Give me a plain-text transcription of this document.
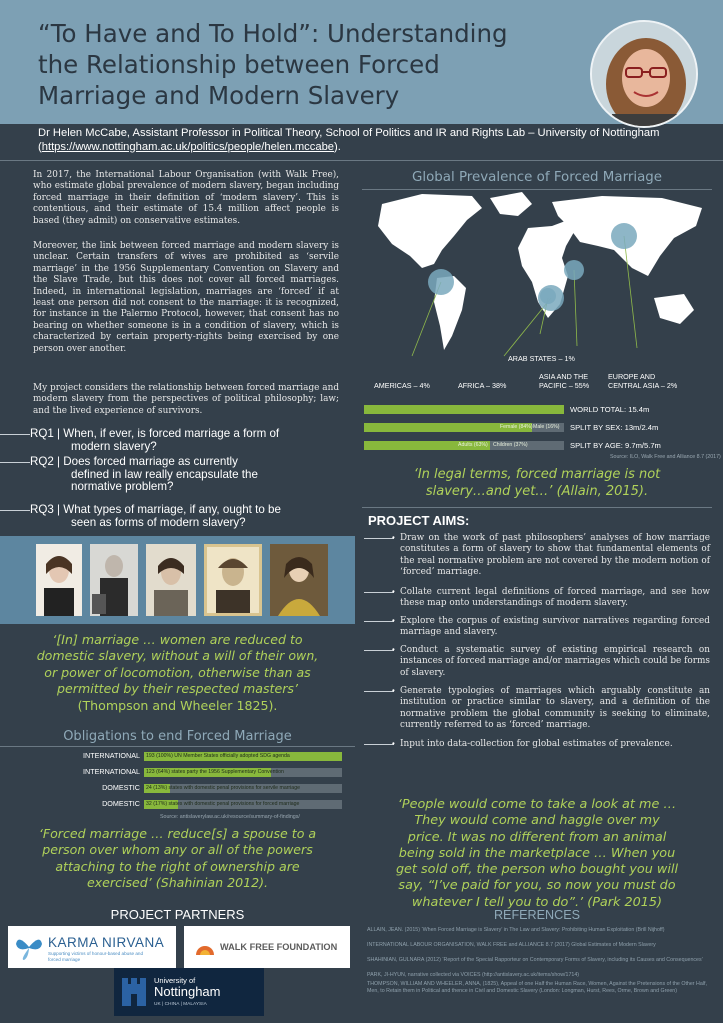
“To Have and To Hold”: Understanding
the Relationship between Forced
Marriage and Modern Slavery
Dr Helen McCabe, Assistant Professor in Political Theory, School of Politics and IR and Rights Lab – University of Nottingham (https://www.nottingham.ac.uk/politics/people/helen.mccabe).
In 2017, the International Labour Organisation (with Walk Free), who estimate global prevalence of modern slavery, began including forced marriage in their definition of ‘modern slavery’. This is contentious, and their estimate of 15.4 million affect people is based (they admit) on conservative estimates.
Moreover, the link between forced marriage and modern slavery is unclear. Certain transfers of wives are prohibited as ‘servile marriage’ in the 1956 Supplementary Convention on Slavery and the Slave Trade, but this does not cover all forced marriages. Indeed, in international legislation, marriages are ‘forced’ if at least one person did not consent to the marriage: it is recognized, for instance in the Palermo Protocol, however, that consent has no bearing on whether someone is in a condition of slavery, which is characterized by certain property-rights being exercised by one person over another.
My project considers the relationship between forced marriage and modern slavery from the perspectives of political philosophy; law; and the lived experience of survivors.
RQ1 | When, if ever, is forced marriage a form of
modern slavery?
RQ2 | Does forced marriage as currently
defined in law really encapsulate the
normative problem?
RQ3 | What types of marriage, if any, ought to be
seen as forms of modern slavery?
‘[In] marriage … women are reduced to
domestic slavery, without a will of their own,
or power of locomotion, otherwise than as
permitted by their respected masters’
(Thompson and Wheeler 1825).
Obligations to end Forced Marriage
INTERNATIONAL 193 (100%) UN Member States officially adopted SDG agenda
INTERNATIONAL 123 (64%) states party the 1956 Supplementary Convention
DOMESTIC 24 (13%) states with domestic penal provisions for servile marriage
DOMESTIC 32 (17%) states with domestic penal provisions for forced marriage
Source: antislaverylaw.ac.uk/resource/summary-of-findings/
‘Forced marriage … reduce[s] a spouse to a
person over whom any or all of the powers
attaching to the right of ownership are
exercised’ (Shahinian 2012).
PROJECT PARTNERS
KARMA NIRVANA
Supporting victims of honour-based abuse and forced marriage
WALK FREE FOUNDATION
University of
Nottingham
UK | CHINA | MALAYSIA
Global Prevalence of Forced Marriage
ARAB STATES – 1%
AMERICAS – 4%	AFRICA – 38%
ASIA AND THE
PACIFIC – 55%
EUROPE AND
CENTRAL ASIA – 2%
WORLD TOTAL: 15.4m
Female (84%) Male (16%) SPLIT BY SEX: 13m/2.4m
Adults (63%) Children (37%)	SPLIT BY AGE: 9.7m/5.7m
Source: ILO, Walk Free and Alliance 8.7 (2017)
‘In legal terms, forced marriage is not
slavery…and yet…’ (Allain, 2015).
PROJECT AIMS:
• Draw on the work of past philosophers’ analyses of how marriage constitutes a form of slavery to show that fundamental elements of the real normative problem are not covered by the modern notion of ‘forced’ marriage.
• Collate current legal definitions of forced marriage, and see how these map onto understandings of modern slavery.
• Explore the corpus of existing survivor narratives regarding forced marriage and slavery.
• Conduct a systematic survey of existing empirical research on instances of forced marriage and/or marriages which could be forms of slavery.
• Generate typologies of marriages which arguably constitute an institution or practice similar to slavery, and a definition of the normative problem the global community is seeking to eliminate, currently referred to as ‘forced’ marriage.
• Input into data-collection for global estimates of prevalence.
‘People would come to take a look at me …
They would come and haggle over my
price. It was no different from an animal
being sold in the marketplace … When you
get sold off, the person who bought you will
say, “I’ve paid for you, so now you must do
whatever I tell you to do”.’ (Park 2015)
REFERENCES
ALLAIN, JEAN. (2015) ‘When Forced Marriage is Slavery’ in The Law and Slavery: Prohibiting Human Exploitation (Brill Nijhoff)
INTERNATIONAL LABOUR ORGANISATION, WALK FREE and ALLIANCE 8.7 (2017) Global Estimates of Modern Slavery
SHAHINIAN, GULNARA (2012) ‘Report of the Special Rapporteur on Contemporary Forms of Slavery, including its Causes and Consequences’
PARK, JI-HYUN, narrative collected via VOICES (http://antislavery.ac.uk/items/show/1714)
THOMPSON, WILLIAM AND WHEELER, ANNA, (1825), Appeal of one Half the Human Race, Women, Against the Pretensions of the Other Half, Men, to Retain them in Political and thence in Civil and Domestic Slavery (London: Longman, Hurst, Rees, Orme, Brown and Green)
